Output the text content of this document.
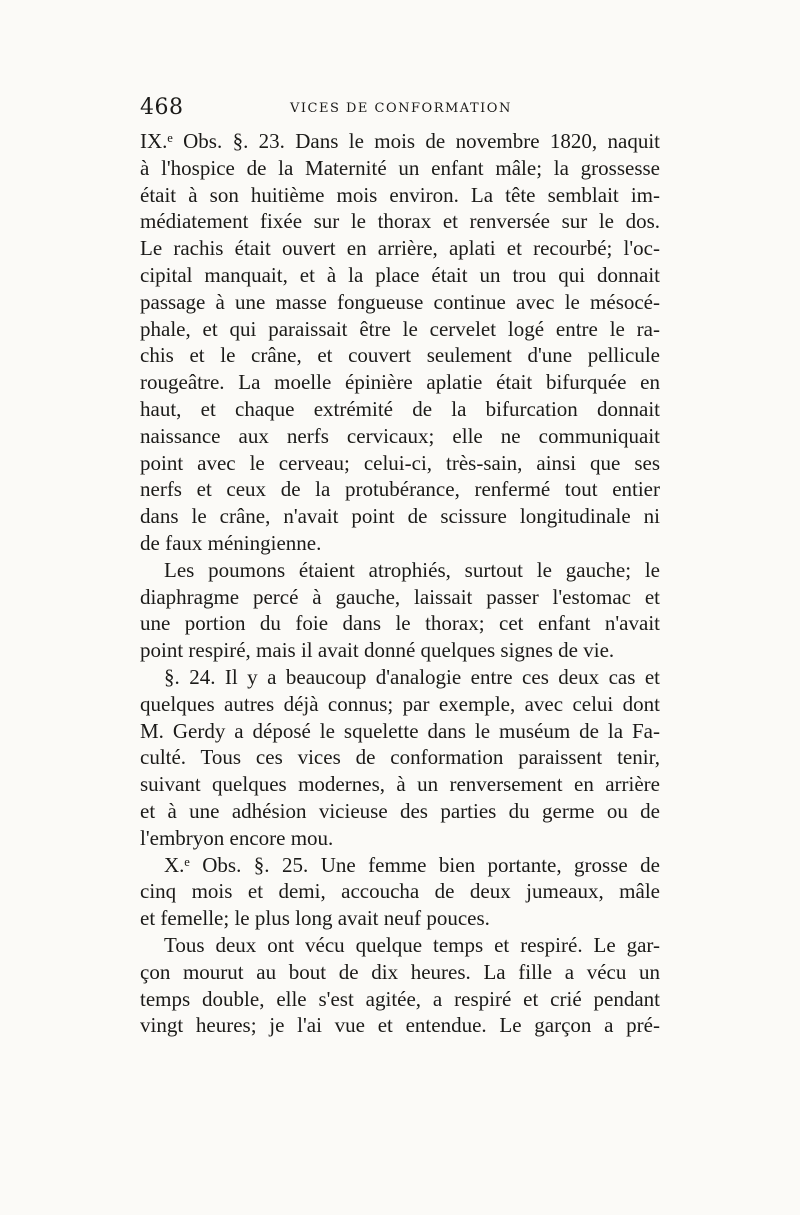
468	VICES DE CONFORMATION
IX.ᵉ Obs. §. 23. Dans le mois de novembre 1820, naquit
à l'hospice de la Maternité un enfant mâle; la grossesse
était à son huitième mois environ. La tête semblait im-
médiatement fixée sur le thorax et renversée sur le dos.
Le rachis était ouvert en arrière, aplati et recourbé; l'oc-
cipital manquait, et à la place était un trou qui donnait
passage à une masse fongueuse continue avec le mésocé-
phale, et qui paraissait être le cervelet logé entre le ra-
chis et le crâne, et couvert seulement d'une pellicule
rougeâtre. La moelle épinière aplatie était bifurquée en
haut, et chaque extrémité de la bifurcation donnait
naissance aux nerfs cervicaux; elle ne communiquait
point avec le cerveau; celui-ci, très-sain, ainsi que ses
nerfs et ceux de la protubérance, renfermé tout entier
dans le crâne, n'avait point de scissure longitudinale ni
de faux méningienne.
Les poumons étaient atrophiés, surtout le gauche; le
diaphragme percé à gauche, laissait passer l'estomac et
une portion du foie dans le thorax; cet enfant n'avait
point respiré, mais il avait donné quelques signes de vie.
§. 24. Il y a beaucoup d'analogie entre ces deux cas et
quelques autres déjà connus; par exemple, avec celui dont
M. Gerdy a déposé le squelette dans le muséum de la Fa-
culté. Tous ces vices de conformation paraissent tenir,
suivant quelques modernes, à un renversement en arrière
et à une adhésion vicieuse des parties du germe ou de
l'embryon encore mou.
X.ᵉ Obs. §. 25. Une femme bien portante, grosse de
cinq mois et demi, accoucha de deux jumeaux, mâle
et femelle; le plus long avait neuf pouces.
Tous deux ont vécu quelque temps et respiré. Le gar-
çon mourut au bout de dix heures. La fille a vécu un
temps double, elle s'est agitée, a respiré et crié pendant
vingt heures; je l'ai vue et entendue. Le garçon a pré-
